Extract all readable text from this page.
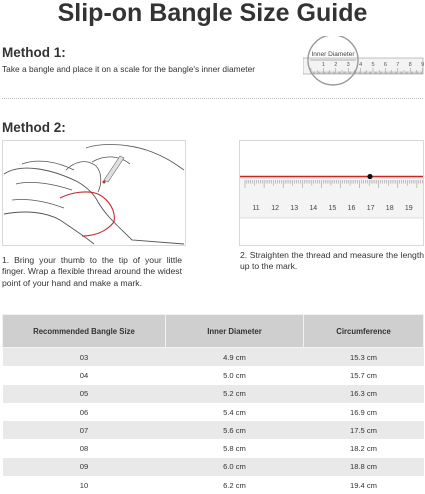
Slip-on Bangle Size Guide
Method 1:
Take a bangle and place it on a scale for the bangle's inner diameter	1 2 3 4 5 6 7 8 9
Inner Diameter
Method 2:
11 12 13 14 15 16 17 18 19
1. Bring your thumb to the tip of your little finger. Wrap a flexible thread around the widest point of your hand and make a mark.
2. Straighten the thread and measure the length up to the mark.
Recommended Bangle Size	Inner Diameter	Circumference
03	4.9 cm	15.3 cm
04	5.0 cm	15.7 cm
05	5.2 cm	16.3 cm
06	5.4 cm	16.9 cm
07	5.6 cm	17.5 cm
08	5.8 cm	18.2 cm
09	6.0 cm	18.8 cm
10	6.2 cm	19.4 cm
